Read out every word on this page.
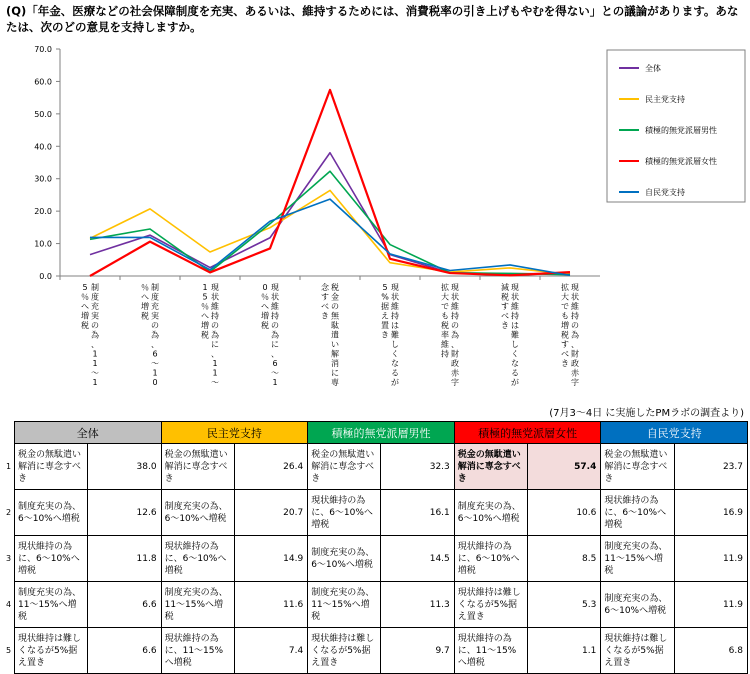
(Q)「年金、医療などの社会保障制度を充実、あるいは、維持するためには、消費税率の引き上げもやむを得ない」との議論があります。あなたは、次のどの意見を支持しますか。
0.0
10.0
20.0
30.0
40.0
50.0
60.0
70.0
制度充実の為、 1 1 ～ 15 ％へ増税
制度充実の為、 6 ～ 1 0％へ増税
現状維持の為に、 1 1 ～1 5 ％へ増税
現状維持の為に、 6 ～ 10 ％へ増税
税金の無駄遣い解消に専念すべき
現状維持は難しくなるが5 %据え置き
現状維持の為、財政赤字拡大でも税率維持
現状維持は難しくなるが減税すべき
現状維持の為、財政赤字拡大でも増税すべき
全体
民主党支持
積極的無党派層男性
積極的無党派層女性
自民党支持
(7月3～4日 に実施したPMラボの調査より)
	全体		民主党支持		積極的無党派層男性		積極的無党派層女性		自民党支持	
1	税金の無駄遣い解消に専念すべき	38.0	税金の無駄遣い解消に専念すべき	26.4	税金の無駄遣い解消に専念すべき	32.3	税金の無駄遣い解消に専念すべき	57.4	税金の無駄遣い解消に専念すべき	23.7
2	制度充実の為、6～10%へ増税	12.6	制度充実の為、6～10%へ増税	20.7	現状維持の為に、6～10%へ増税	16.1	制度充実の為、6～10%へ増税	10.6	現状維持の為に、6～10%へ増税	16.9
3	現状維持の為に、6～10%へ増税	11.8	現状維持の為に、6～10%へ増税	14.9	制度充実の為、6～10%へ増税	14.5	現状維持の為に、6～10%へ増税	8.5	制度充実の為、11～15%へ増税	11.9
4	制度充実の為、11～15%へ増税	6.6	制度充実の為、11～15%へ増税	11.6	制度充実の為、11～15%へ増税	11.3	現状維持は難しくなるが5%据え置き	5.3	制度充実の為、6～10%へ増税	11.9
5	現状維持は難しくなるが5%据え置き	6.6	現状維持の為に、11～15%へ増税	7.4	現状維持は難しくなるが5%据え置き	9.7	現状維持の為に、11～15%へ増税	1.1	現状維持は難しくなるが5%据え置き	6.8
